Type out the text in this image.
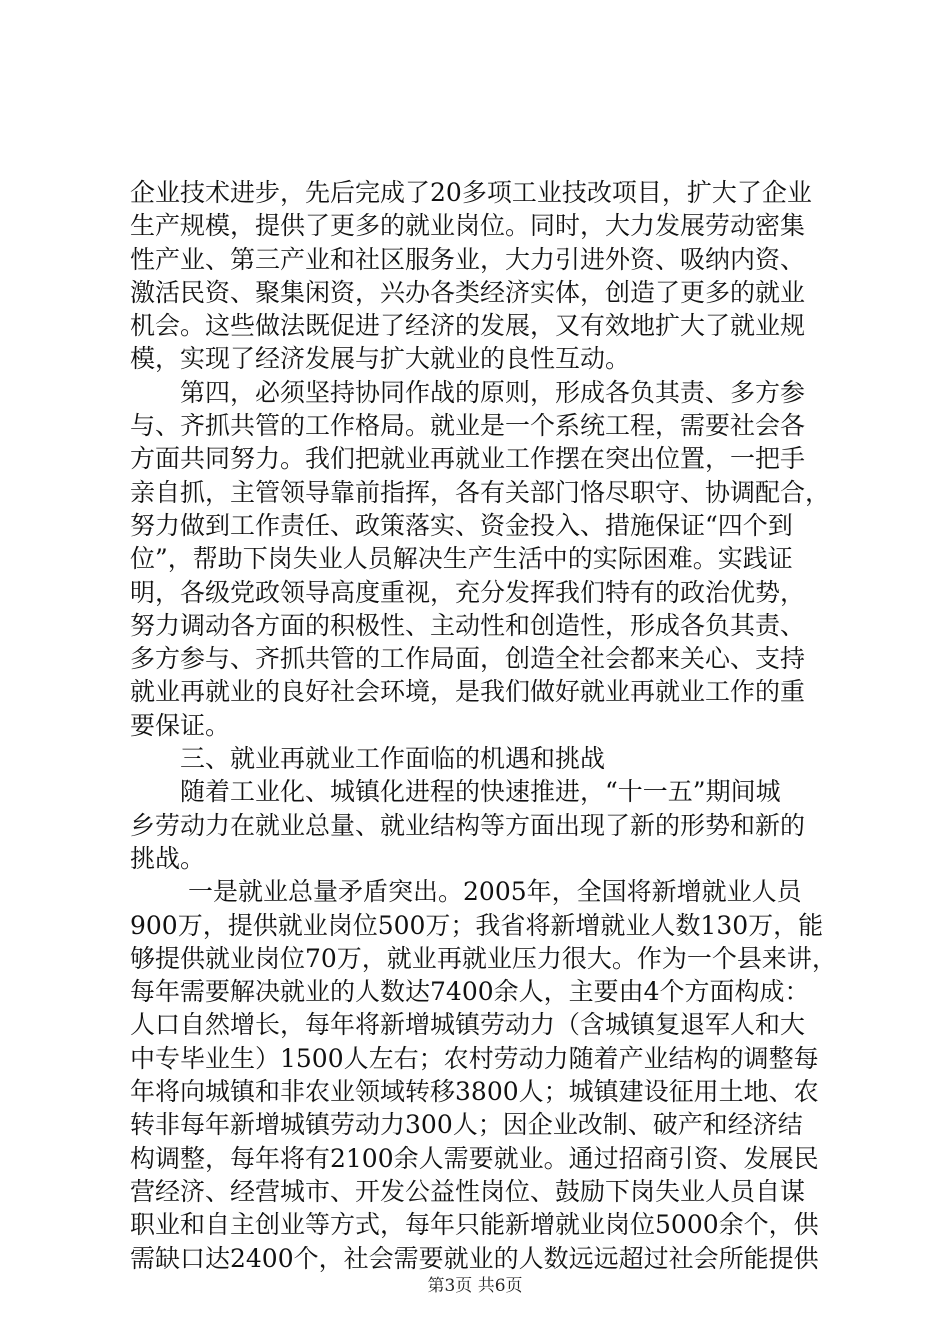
企业技术进步，先后完成了20多项工业技改项目，扩大了企业
生产规模，提供了更多的就业岗位。同时，大力发展劳动密集
性产业、第三产业和社区服务业，大力引进外资、吸纳内资、
激活民资、聚集闲资，兴办各类经济实体，创造了更多的就业
机会。这些做法既促进了经济的发展，又有效地扩大了就业规
模，实现了经济发展与扩大就业的良性互动。
第四，必须坚持协同作战的原则，形成各负其责、多方参
与、齐抓共管的工作格局。就业是一个系统工程，需要社会各
方面共同努力。我们把就业再就业工作摆在突出位置，一把手
亲自抓，主管领导靠前指挥，各有关部门恪尽职守、协调配合，
努力做到工作责任、政策落实、资金投入、措施保证“四个到
位”，帮助下岗失业人员解决生产生活中的实际困难。实践证
明，各级党政领导高度重视，充分发挥我们特有的政治优势，
努力调动各方面的积极性、主动性和创造性，形成各负其责、
多方参与、齐抓共管的工作局面，创造全社会都来关心、支持
就业再就业的良好社会环境，是我们做好就业再就业工作的重
要保证。
三、就业再就业工作面临的机遇和挑战
随着工业化、城镇化进程的快速推进，“十一五”期间城
乡劳动力在就业总量、就业结构等方面出现了新的形势和新的
挑战。
一是就业总量矛盾突出。2005年，全国将新增就业人员
900万，提供就业岗位500万；我省将新增就业人数130万，能
够提供就业岗位70万，就业再就业压力很大。作为一个县来讲，
每年需要解决就业的人数达7400余人，主要由4个方面构成：
人口自然增长，每年将新增城镇劳动力（含城镇复退军人和大
中专毕业生）1500人左右；农村劳动力随着产业结构的调整每
年将向城镇和非农业领域转移3800人；城镇建设征用土地、农
转非每年新增城镇劳动力300人；因企业改制、破产和经济结
构调整，每年将有2100余人需要就业。通过招商引资、发展民
营经济、经营城市、开发公益性岗位、鼓励下岗失业人员自谋
职业和自主创业等方式，每年只能新增就业岗位5000余个，供
需缺口达2400个，社会需要就业的人数远远超过社会所能提供
第3页 共6页
